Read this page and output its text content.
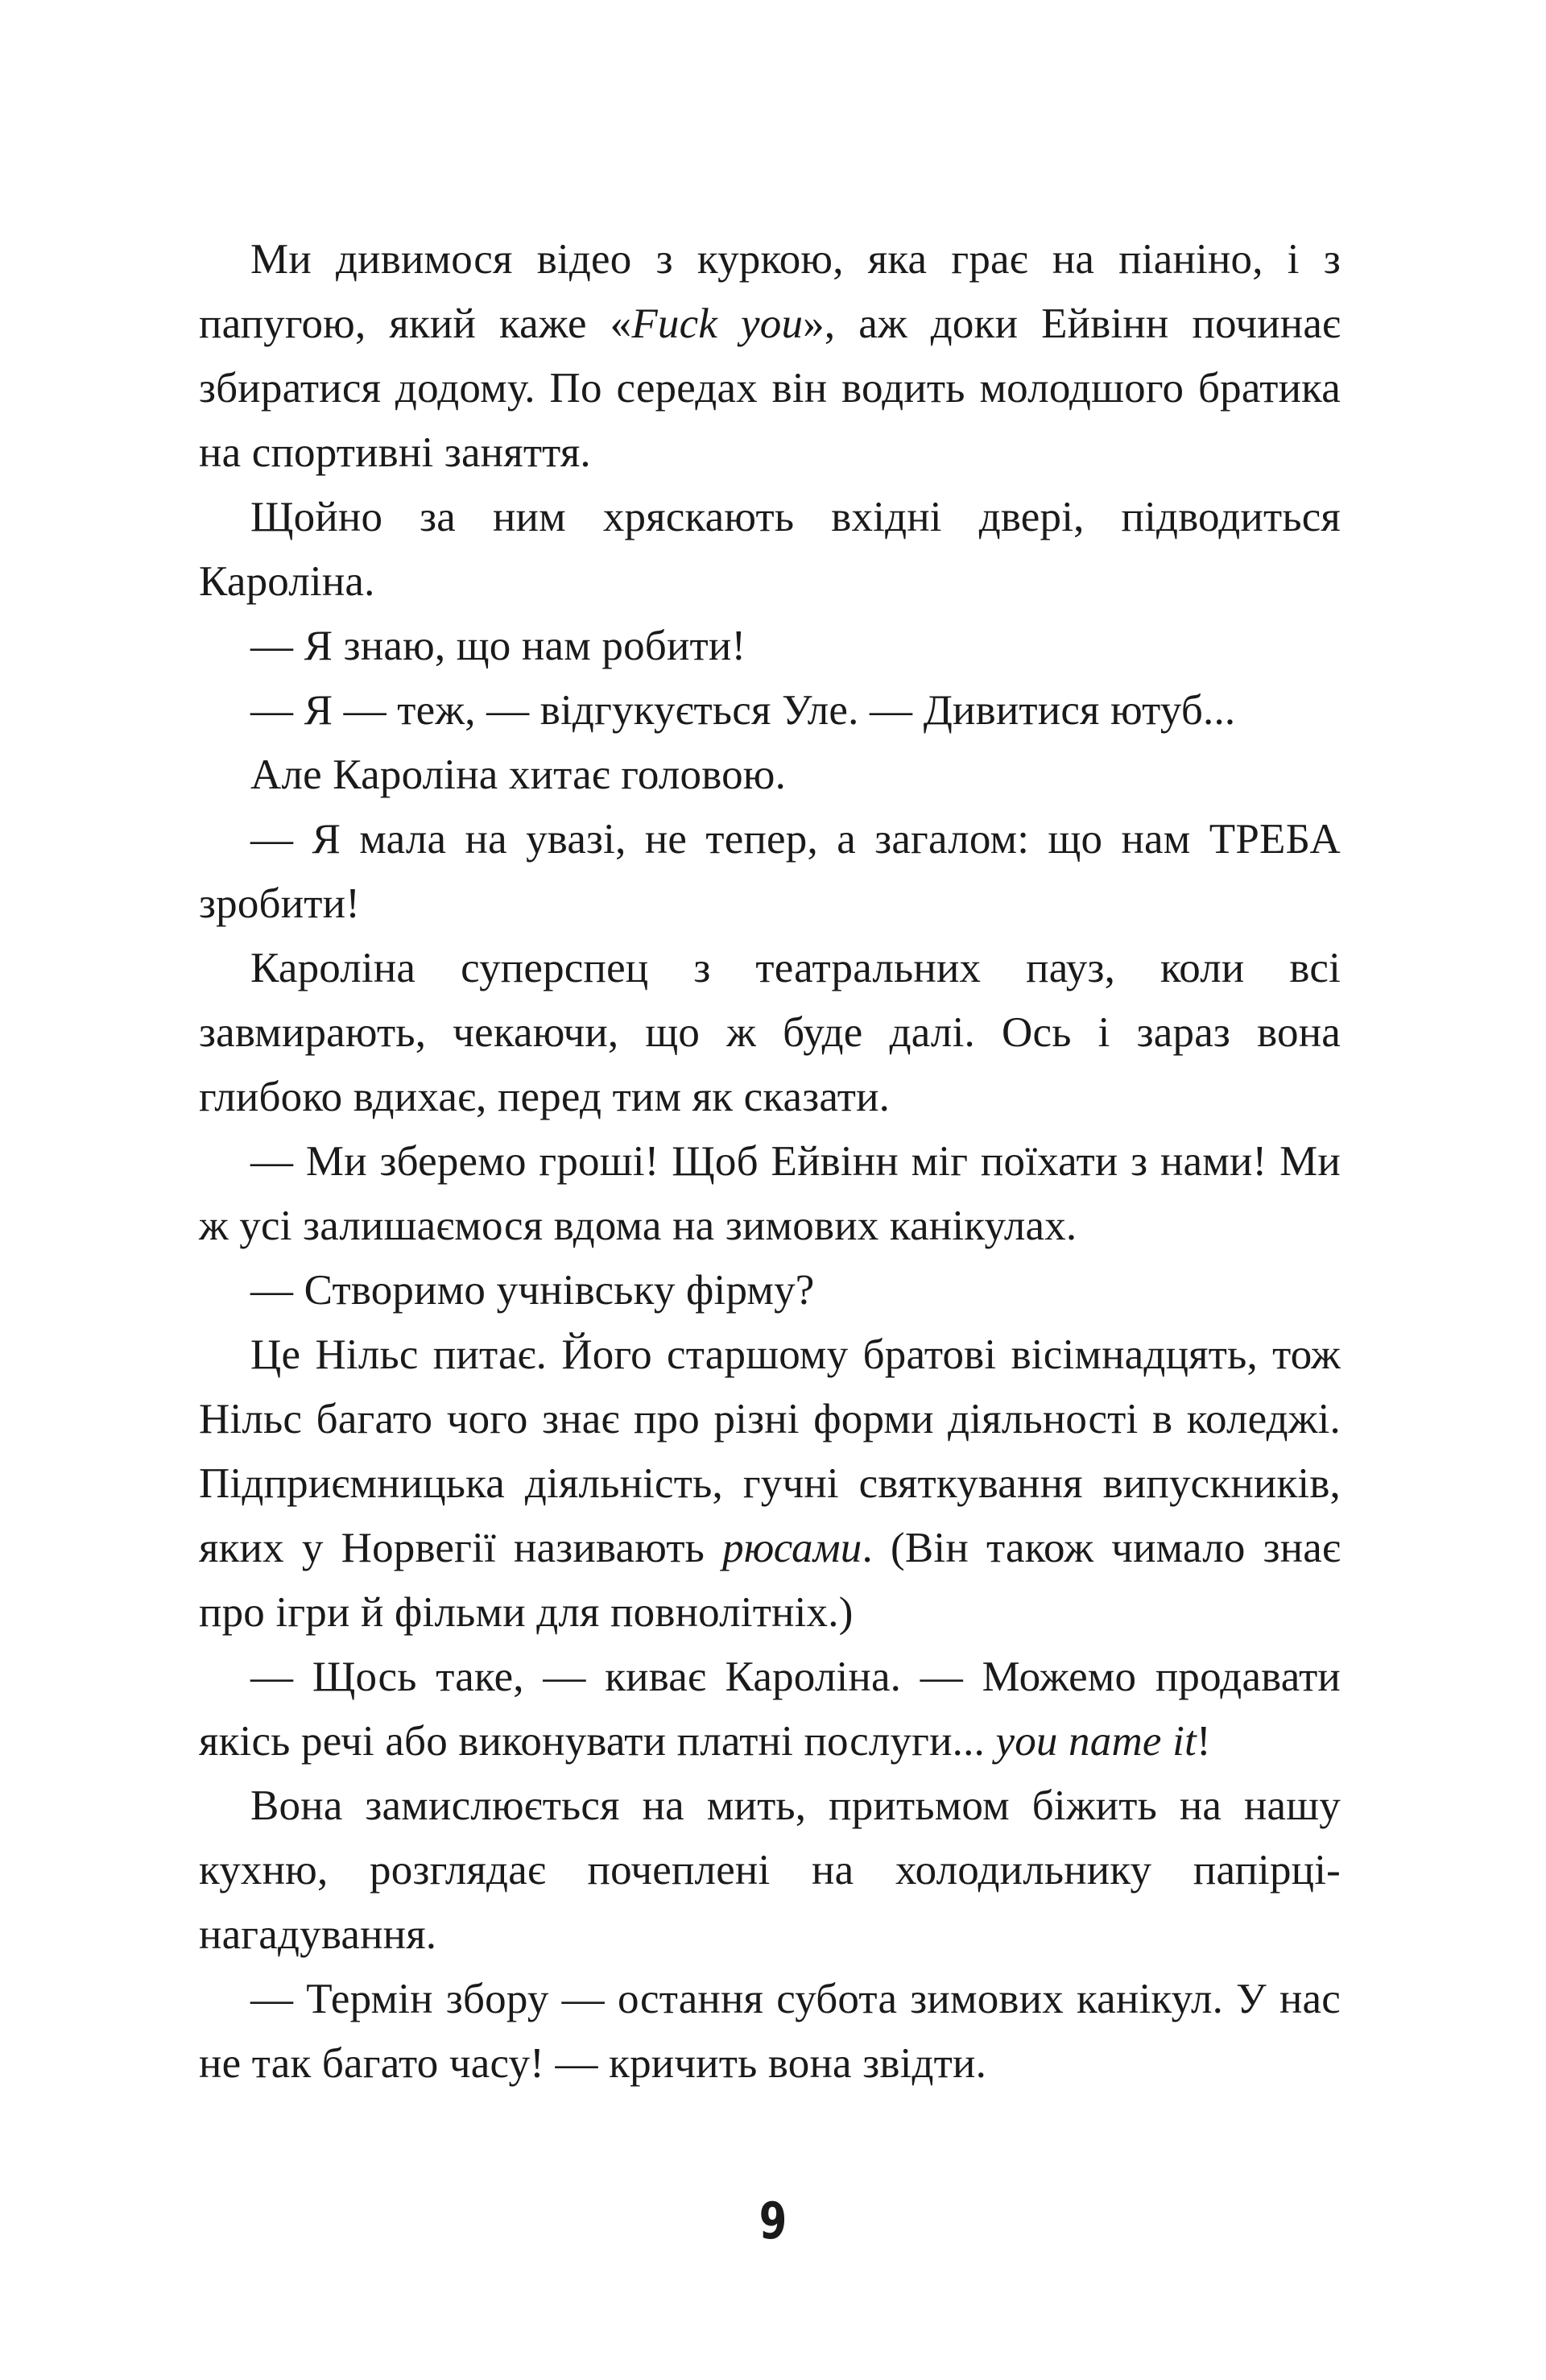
Ми дивимося відео з куркою, яка грає на піаніно, і з папугою, який каже «Fuck you», аж доки Ейвінн починає збиратися додому. По середах він водить молодшого братика на спортивні заняття.

Щойно за ним хряскають вхідні двері, підводиться Кароліна.

— Я знаю, що нам робити!

— Я — теж, — відгукується Уле. — Дивитися ютуб...

Але Кароліна хитає головою.

— Я мала на увазі, не тепер, а загалом: що нам ТРЕБА зробити!

Кароліна суперспец з театральних пауз, коли всі завмирають, чекаючи, що ж буде далі. Ось і зараз вона глибоко вдихає, перед тим як сказати.

— Ми зберемо гроші! Щоб Ейвінн міг поїхати з нами! Ми ж усі залишаємося вдома на зимових канікулах.

— Створимо учнівську фірму?

Це Нільс питає. Його старшому братові вісімнадцять, тож Нільс багато чого знає про різні форми діяльності в коледжі. Підприємницька діяльність, гучні святкування випускників, яких у Норвегії називають рюсами. (Він також чимало знає про ігри й фільми для повнолітніх.)

— Щось таке, — киває Кароліна. — Можемо продавати якісь речі або виконувати платні послуги... you name it!

Вона замислюється на мить, притьмом біжить на нашу кухню, розглядає почеплені на холодильнику папірці-нагадування.

— Термін збору — остання субота зимових канікул. У нас не так багато часу! — кричить вона звідти.

9
